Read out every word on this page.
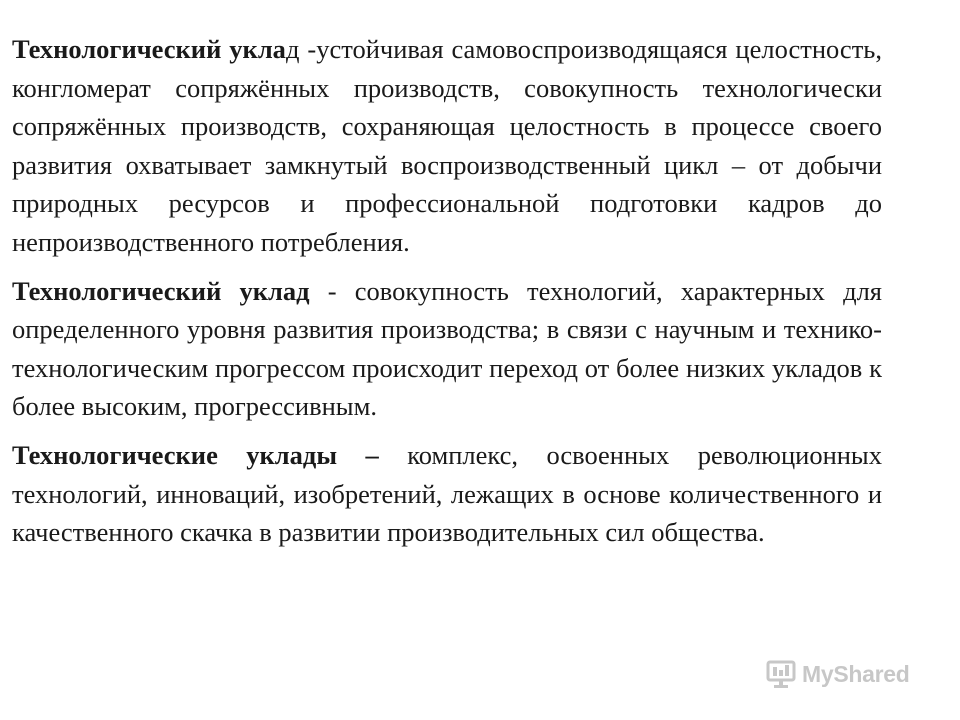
Технологический уклад -устойчивая самовоспроизводящаяся целостность, конгломерат сопряжённых производств, совокупность технологически сопряжённых производств, сохраняющая целостность в процессе своего развития охватывает замкнутый воспроизводственный цикл – от добычи природных ресурсов и профессиональной подготовки кадров до непроизводственного потребления.

Технологический уклад - совокупность технологий, характерных для определенного уровня развития производства; в связи с научным и технико-технологическим прогрессом происходит переход от более низких укладов к более высоким, прогрессивным.

Технологические уклады – комплекс, освоенных революционных технологий, инноваций, изобретений, лежащих в основе количественного и качественного скачка в развитии производительных сил общества.

MyShared
